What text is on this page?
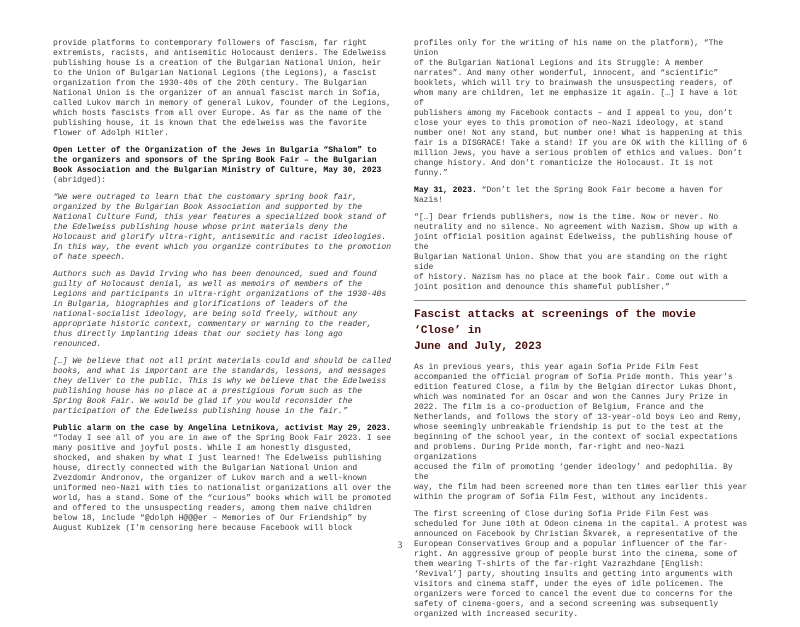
provide platforms to contemporary followers of fascism, far right
extremists, racists, and antisemitic Holocaust deniers. The Edelweiss
publishing house is a creation of the Bulgarian National Union, heir
to the Union of Bulgarian National Legions (the Legions), a fascist
organization from the 1930-40s of the 20th century. The Bulgarian
National Union is the organizer of an annual fascist march in Sofia,
called Lukov march in memory of general Lukov, founder of the Legions,
which hosts fascists from all over Europe. As far as the name of the
publishing house, it is known that the edelweiss was the favorite
flower of Adolph Hitler.

Open Letter of the Organization of the Jews in Bulgaria “Shalom” to
the organizers and sponsors of the Spring Book Fair – the Bulgarian
Book Association and the Bulgarian Ministry of Culture, May 30, 2023
(abridged):

“We were outraged to learn that the customary spring book fair,
organized by the Bulgarian Book Association and supported by the
National Culture Fund, this year features a specialized book stand of
the Edelweiss publishing house whose print materials deny the
Holocaust and glorify ultra-right, antisemitic and racist ideologies.
In this way, the event which you organize contributes to the promotion
of hate speech.

Authors such as David Irving who has been denounced, sued and found
guilty of Holocaust denial, as well as memoirs of members of the
Legions and participants in ultra-right organizations of the 1930-40s
in Bulgaria, biographies and glorifications of leaders of the
national-socialist ideology, are being sold freely, without any
appropriate historic context, commentary or warning to the reader,
thus directly implanting ideas that our society has long ago
renounced.

[…] We believe that not all print materials could and should be called
books, and what is important are the standards, lessons, and messages
they deliver to the public. This is why we believe that the Edelweiss
publishing house has no place at a prestigious forum such as the
Spring Book Fair. We would be glad if you would reconsider the
participation of the Edelweiss publishing house in the fair.”

Public alarm on the case by Angelina Letnikova, activist May 29, 2023.
“Today I see all of you are in awe of the Spring Book Fair 2023. I see
many positive and joyful posts. While I am honestly disgusted,
shocked, and shaken by what I just learned! The Edelweiss publishing
house, directly connected with the Bulgarian National Union and
Zvezdomir Andronov, the organizer of Lukov march and a well-known
uniformed neo-Nazi with ties to nationalist organizations all over the
world, has a stand. Some of the “curious” books which will be promoted
and offered to the unsuspecting readers, among them naive children
below 18, include “@dolph H@@@er – Memories of Our Friendship” by
August Kubizek (I’m censoring here because Facebook will block

profiles only for the writing of his name on the platform), “The Union
of the Bulgarian National Legions and its Struggle: A member
narrates”. And many other wonderful, innocent, and “scientific”
booklets, which will try to brainwash the unsuspecting readers, of
whom many are children, let me emphasize it again. […] I have a lot of
publishers among my Facebook contacts – and I appeal to you, don’t
close your eyes to this promotion of neo-Nazi ideology, at stand
number one! Not any stand, but number one! What is happening at this
fair is a DISGRACE! Take a stand! If you are OK with the killing of 6
million Jews, you have a serious problem of ethics and values. Don’t
change history. And don’t romanticize the Holocaust. It is not funny.”

May 31, 2023. “Don’t let the Spring Book Fair become a haven for
Nazis!

“[…] Dear friends publishers, now is the time. Now or never. No
neutrality and no silence. No agreement with Nazism. Show up with a
joint official position against Edelweiss, the publishing house of the
Bulgarian National Union. Show that you are standing on the right side
of history. Nazism has no place at the book fair. Come out with a
joint position and denounce this shameful publisher.”

Fascist attacks at screenings of the movie ‘Close’ in
June and July, 2023

As in previous years, this year again Sofia Pride Film Fest
accompanied the official program of Sofia Pride month. This year’s
edition featured Close, a film by the Belgian director Lukas Dhont,
which was nominated for an Oscar and won the Cannes Jury Prize in
2022. The film is a co-production of Belgium, France and the
Netherlands, and follows the story of 13-year-old boys Leo and Remy,
whose seemingly unbreakable friendship is put to the test at the
beginning of the school year, in the context of social expectations
and problems. During Pride month, far-right and neo-Nazi organizations
accused the film of promoting ‘gender ideology’ and pedophilia. By the
way, the film had been screened more than ten times earlier this year
within the program of Sofia Film Fest, without any incidents.

The first screening of Close during Sofia Pride Film Fest was
scheduled for June 10th at Odeon cinema in the capital. A protest was
announced on Facebook by Christian Škvarek, a representative of the
European Conservatives Group and a popular influencer of the far-
right. An aggressive group of people burst into the cinema, some of
them wearing T-shirts of the far-right Vazrazhdane [English:
‘Revival’] party, shouting insults and getting into arguments with
visitors and cinema staff, under the eyes of idle policemen. The
organizers were forced to cancel the event due to concerns for the
safety of cinema-goers, and a second screening was subsequently
organized with increased security.

3
